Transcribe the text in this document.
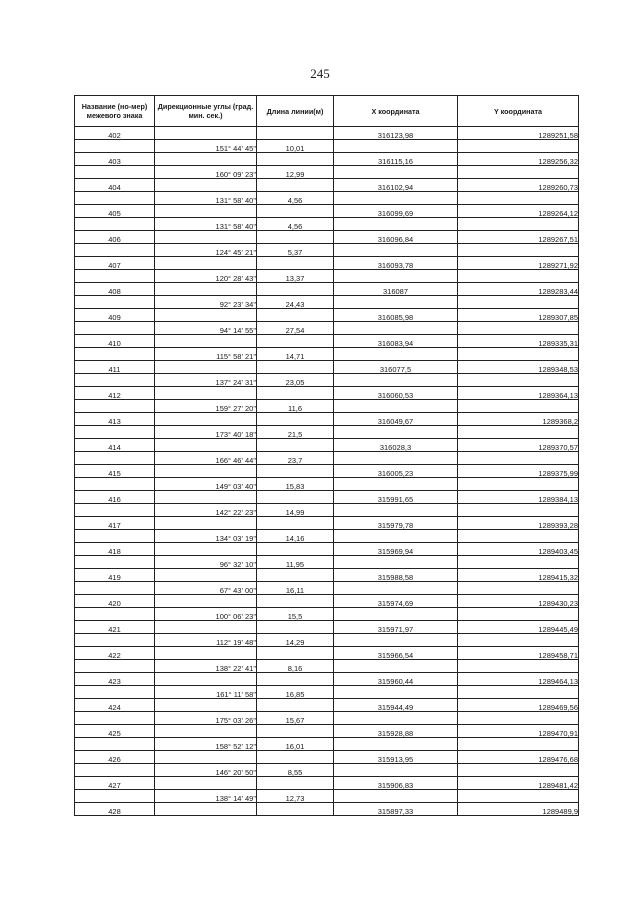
245
Название (но-мер) межевого знака	Дирекционные углы (град. мин. сек.)	Длина линии(м)	X координата	Y координата
402			316123,98	1289251,58
	151° 44' 45"	10,01		
403			316115,16	1289256,32
	160° 09' 23"	12,99		
404			316102,94	1289260,73
	131° 58' 40"	4,56		
405			316099,69	1289264,12
	131° 58' 40"	4,56		
406			316096,84	1289267,51
	124° 45' 21"	5,37		
407			316093,78	1289271,92
	120° 28' 43"	13,37		
408			316087	1289283,44
	92° 23' 34"	24,43		
409			316085,98	1289307,85
	94° 14' 55"	27,54		
410			316083,94	1289335,31
	115° 58' 21"	14,71		
411			316077,5	1289348,53
	137° 24' 31"	23,05		
412			316060,53	1289364,13
	159° 27' 20"	11,6		
413			316049,67	1289368,2
	173° 40' 18"	21,5		
414			316028,3	1289370,57
	166° 46' 44"	23,7		
415			316005,23	1289375,99
	149° 03' 40"	15,83		
416			315991,65	1289384,13
	142° 22' 23"	14,99		
417			315979,78	1289393,28
	134° 03' 19"	14,16		
418			315969,94	1289403,45
	96° 32' 10"	11,95		
419			315988,58	1289415,32
	67° 43' 00"	16,11		
420			315974,69	1289430,23
	100° 06' 23"	15,5		
421			315971,97	1289445,49
	112° 19' 48"	14,29		
422			315966,54	1289458,71
	138° 22' 41"	8,16		
423			315960,44	1289464,13
	161° 11' 58"	16,85		
424			315944,49	1289469,56
	175° 03' 26"	15,67		
425			315928,88	1289470,91
	158° 52' 12"	16,01		
426			315913,95	1289476,68
	146° 20' 50"	8,55		
427			315906,83	1289481,42
	138° 14' 49"	12,73		
428			315897,33	1289489,9
